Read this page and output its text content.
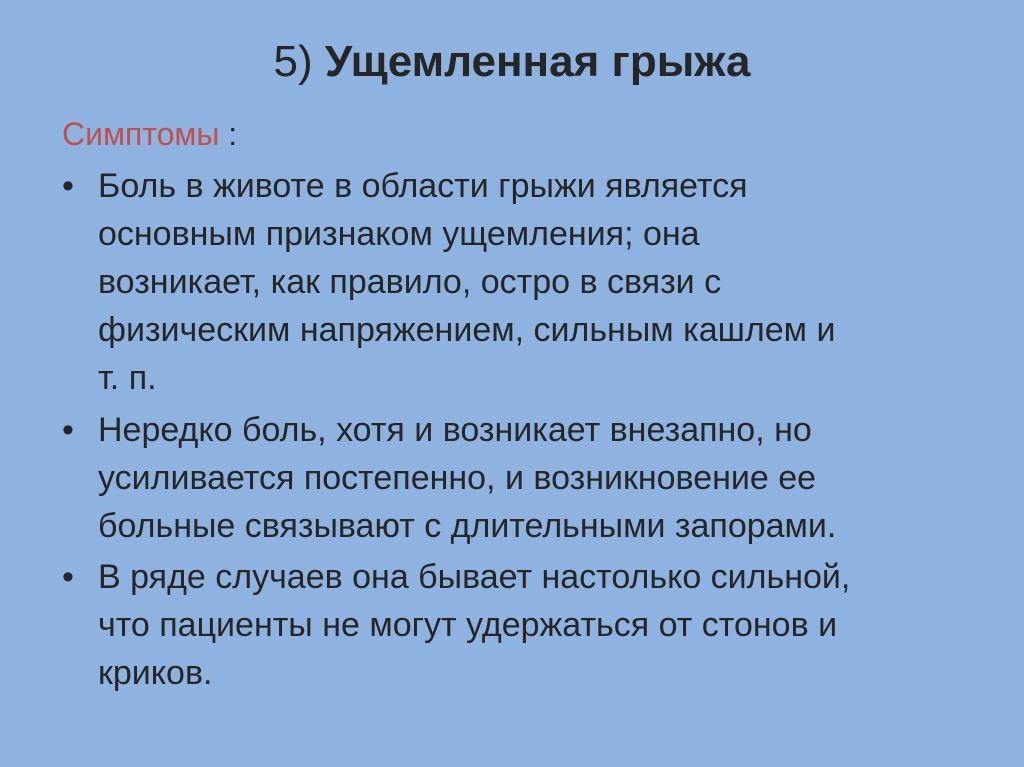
5) Ущемленная грыжа
Симптомы :
• Боль в животе в области грыжи является
основным признаком ущемления; она
возникает, как правило, остро в связи с
физическим напряжением, сильным кашлем и
т. п.
• Нередко боль, хотя и возникает внезапно, но
усиливается постепенно, и возникновение ее
больные связывают с длительными запорами.
• В ряде случаев она бывает настолько сильной,
что пациенты не могут удержаться от стонов и
криков.
